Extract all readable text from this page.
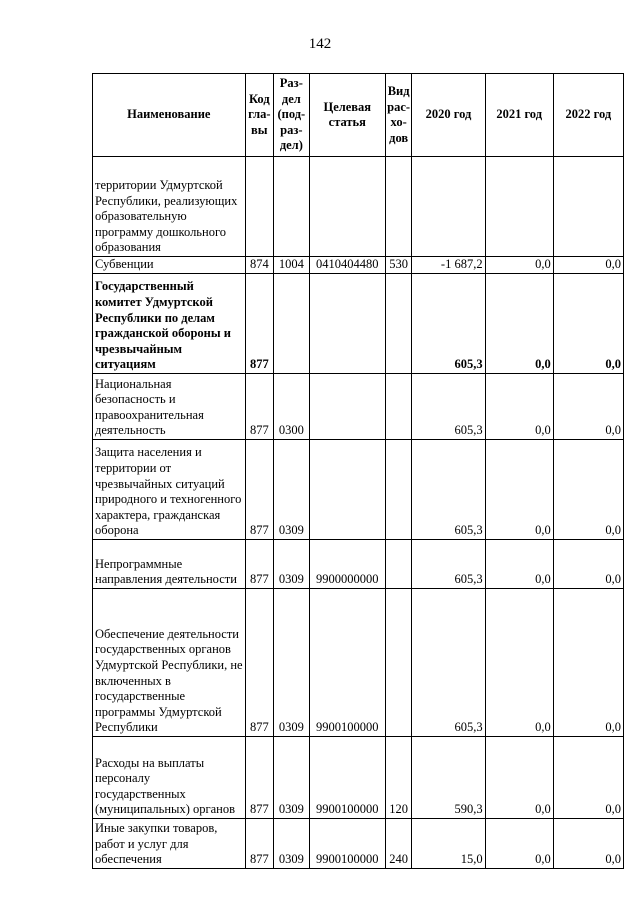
142
Наименование	Код гла- вы	Раз- дел (под- раз- дел)	Целевая статья	Вид рас- хо- дов	2020 год	2021 год	2022 год
территории Удмуртской Республики, реализующих образовательную программу дошкольного образования							
Субвенции	874	1004	0410404480	530	-1 687,2	0,0	0,0
Государственный комитет Удмуртской Республики по делам гражданской обороны и чрезвычайным ситуациям	877				605,3	0,0	0,0
Национальная безопасность и правоохранительная деятельность	877	0300			605,3	0,0	0,0
Защита населения и территории от чрезвычайных ситуаций природного и техногенного характера, гражданская оборона	877	0309			605,3	0,0	0,0
Непрограммные направления деятельности	877	0309	9900000000		605,3	0,0	0,0
Обеспечение деятельности государственных органов Удмуртской Республики, не включенных в государственные программы Удмуртской Республики	877	0309	9900100000		605,3	0,0	0,0
Расходы на выплаты персоналу государственных (муниципальных) органов	877	0309	9900100000	120	590,3	0,0	0,0
Иные закупки товаров, работ и услуг для обеспечения	877	0309	9900100000	240	15,0	0,0	0,0
